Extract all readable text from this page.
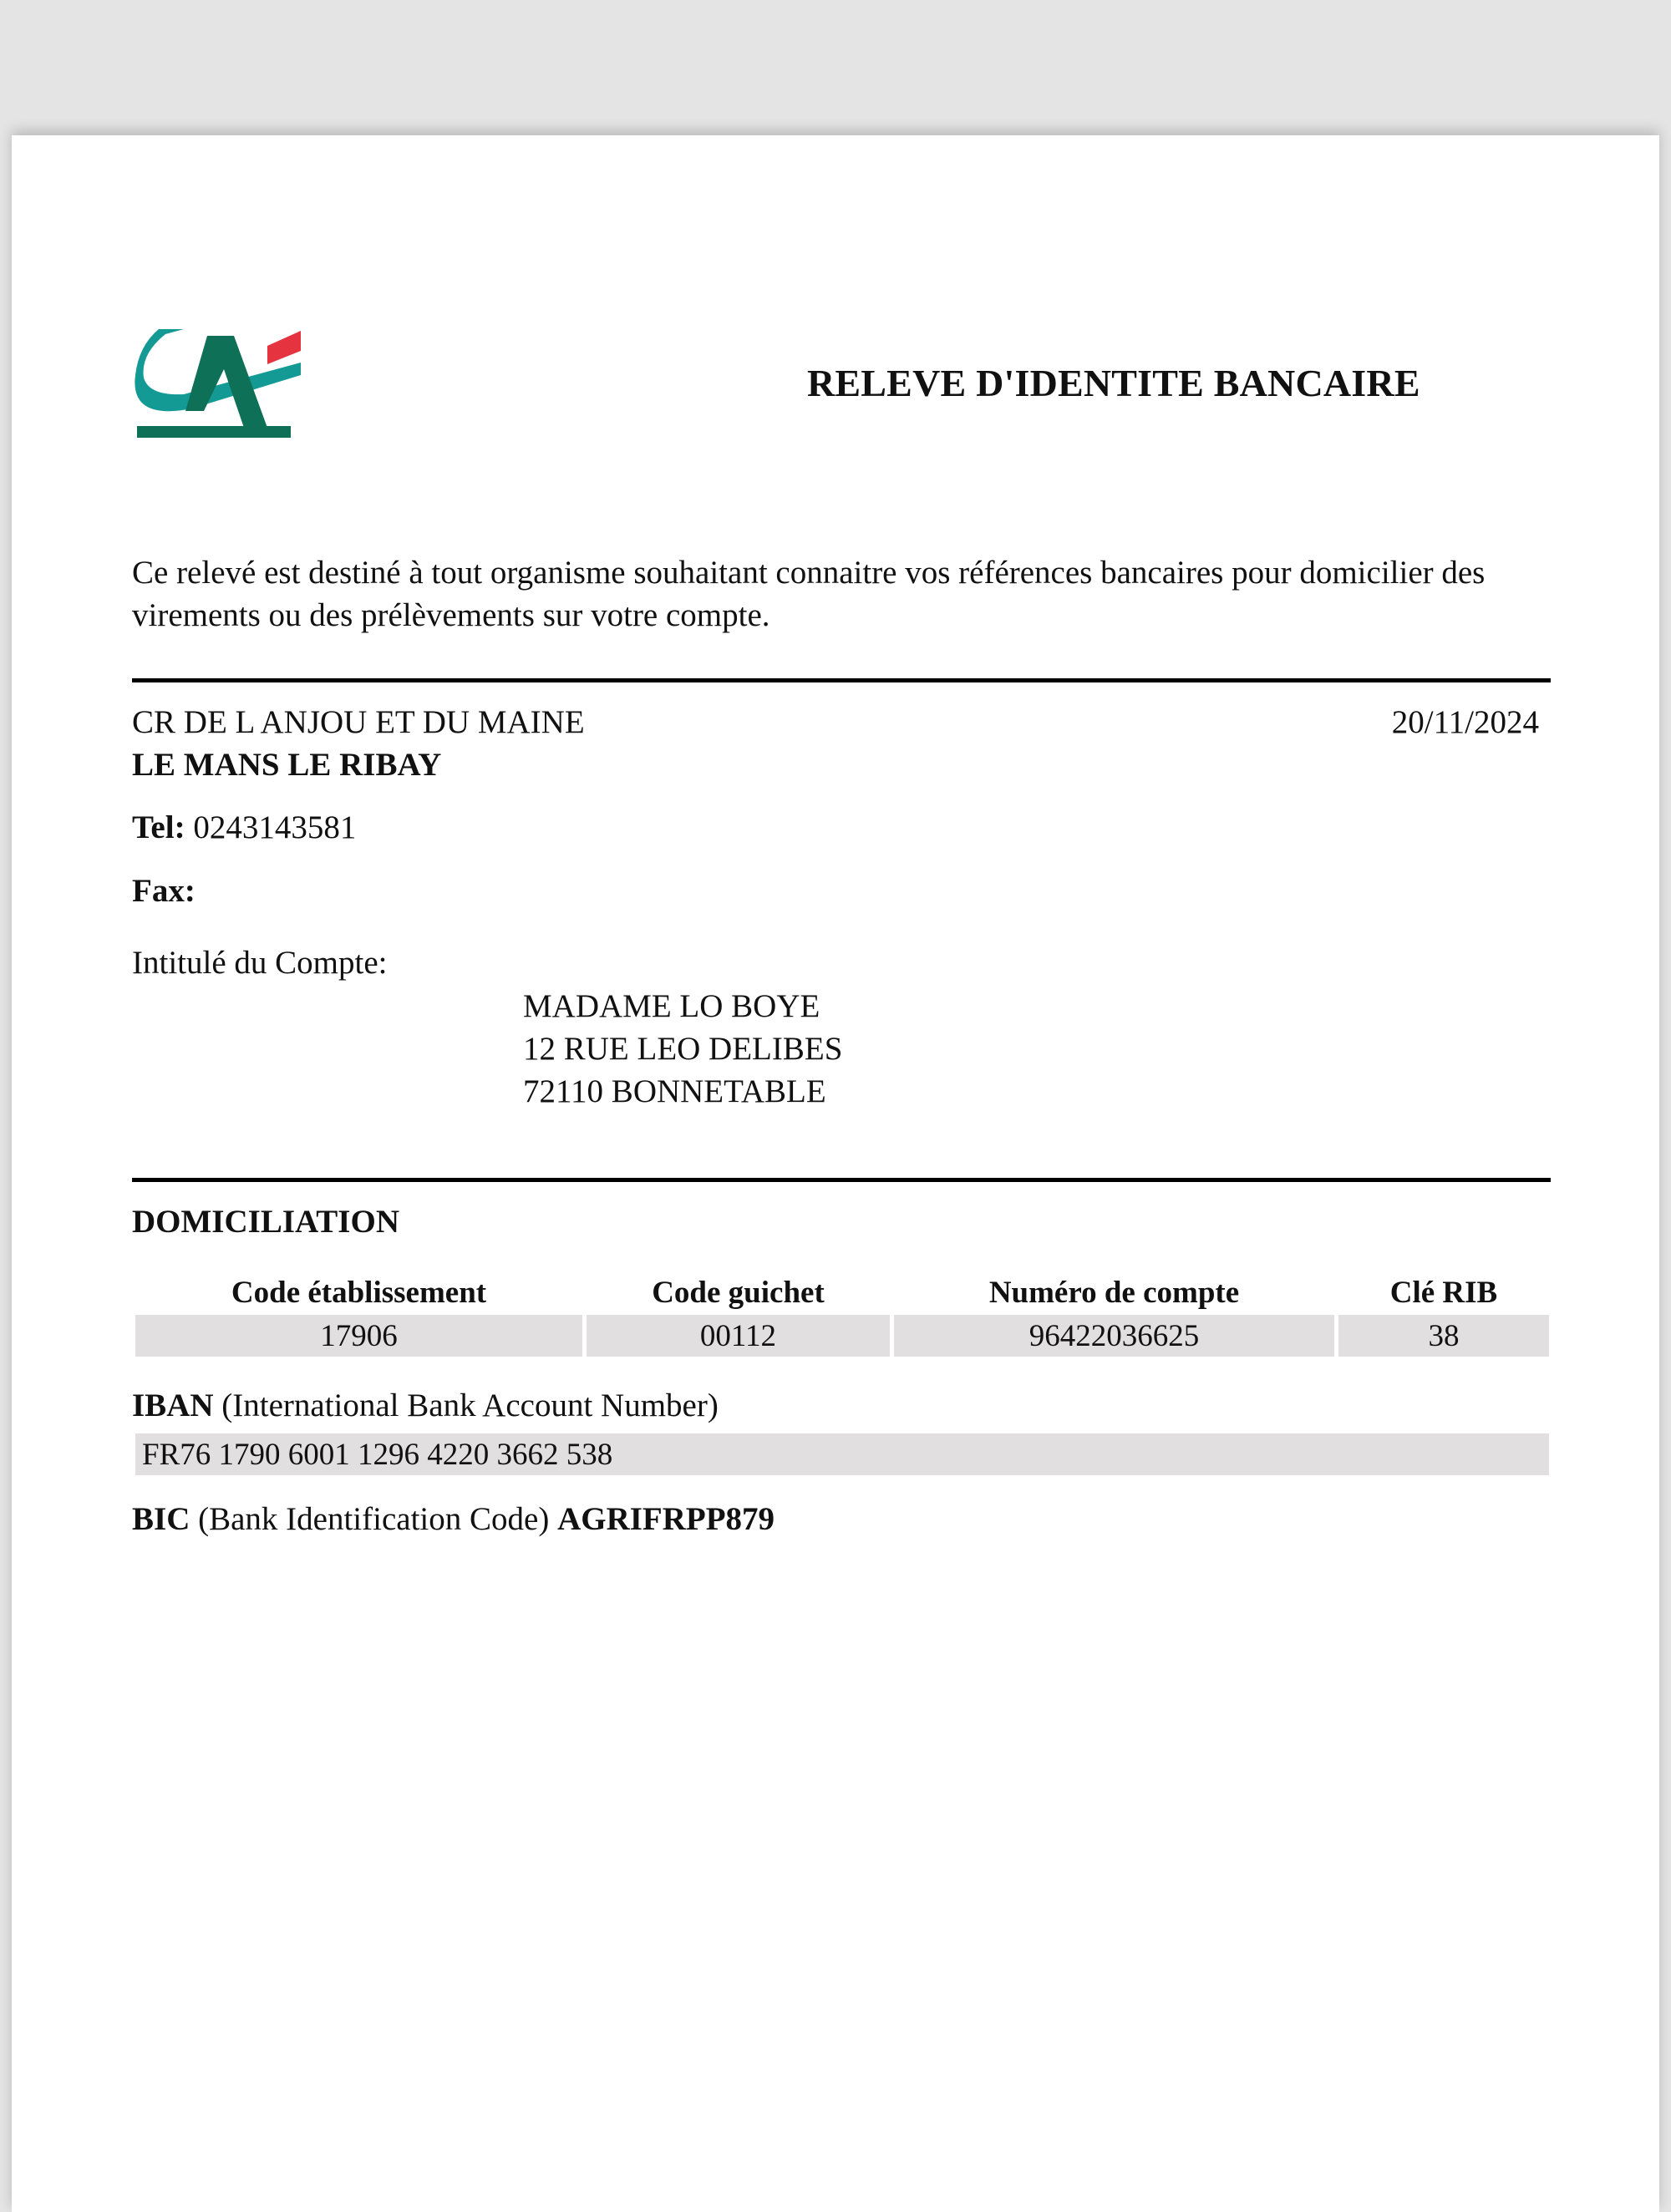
RELEVE D'IDENTITE BANCAIRE
Ce relevé est destiné à tout organisme souhaitant connaitre vos références bancaires pour domicilier des virements ou des prélèvements sur votre compte.
CR DE L ANJOU ET DU MAINE	20/11/2024
LE MANS LE RIBAY
Tel: 0243143581
Fax:
Intitulé du Compte:
MADAME LO BOYE
12 RUE LEO DELIBES
72110 BONNETABLE
DOMICILIATION
Code établissement	Code guichet	Numéro de compte	Clé RIB
17906	00112	96422036625	38
IBAN (International Bank Account Number)
FR76 1790 6001 1296 4220 3662 538
BIC (Bank Identification Code) AGRIFRPP879
